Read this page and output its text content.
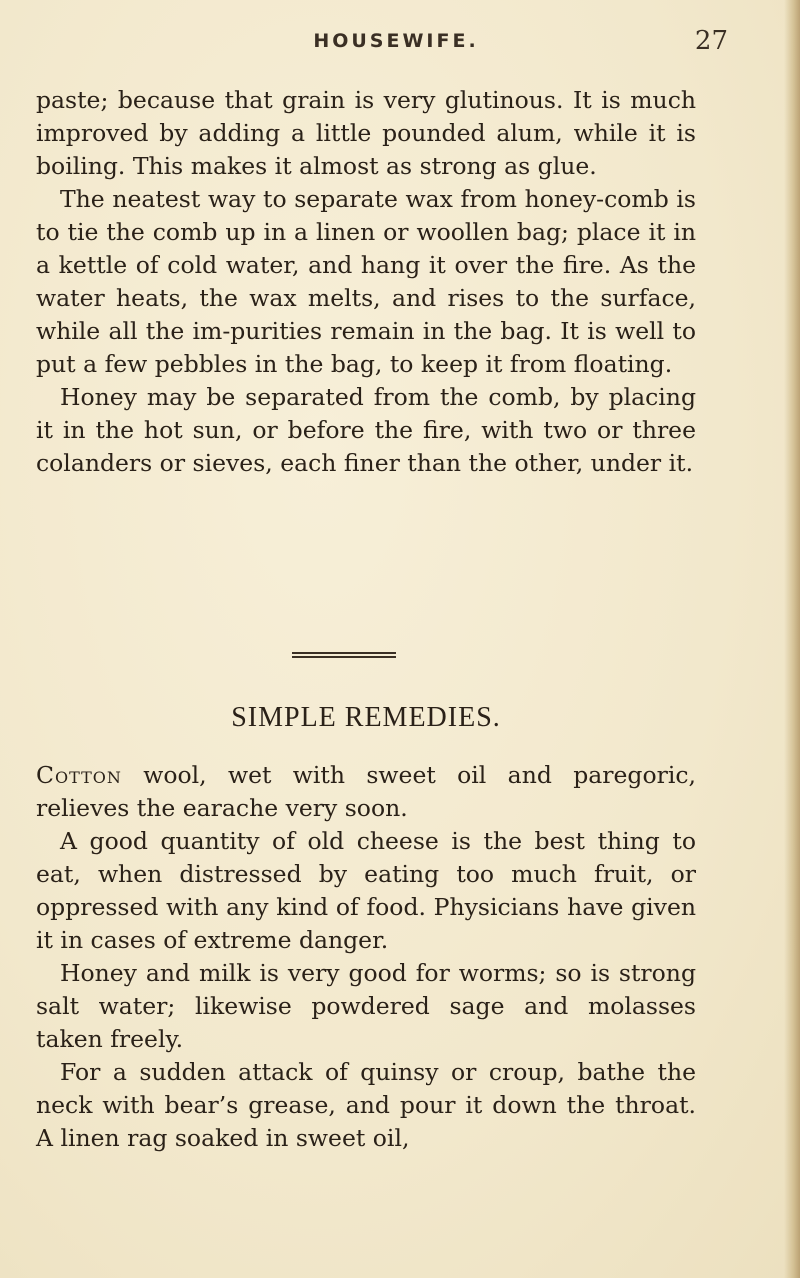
HOUSEWIFE.	27

paste; because that grain is very glutinous. It is much improved by adding a little pounded alum, while it is boiling. This makes it almost as strong as glue.

The neatest way to separate wax from honey-comb is to tie the comb up in a linen or woollen bag; place it in a kettle of cold water, and hang it over the fire. As the water heats, the wax melts, and rises to the surface, while all the im-purities remain in the bag. It is well to put a few pebbles in the bag, to keep it from floating.

Honey may be separated from the comb, by placing it in the hot sun, or before the fire, with two or three colanders or sieves, each finer than the other, under it.

SIMPLE REMEDIES.

Cotton wool, wet with sweet oil and paregoric, relieves the earache very soon.

A good quantity of old cheese is the best thing to eat, when distressed by eating too much fruit, or oppressed with any kind of food. Physicians have given it in cases of extreme danger.

Honey and milk is very good for worms; so is strong salt water; likewise powdered sage and molasses taken freely.

For a sudden attack of quinsy or croup, bathe the neck with bear’s grease, and pour it down the throat. A linen rag soaked in sweet oil,
